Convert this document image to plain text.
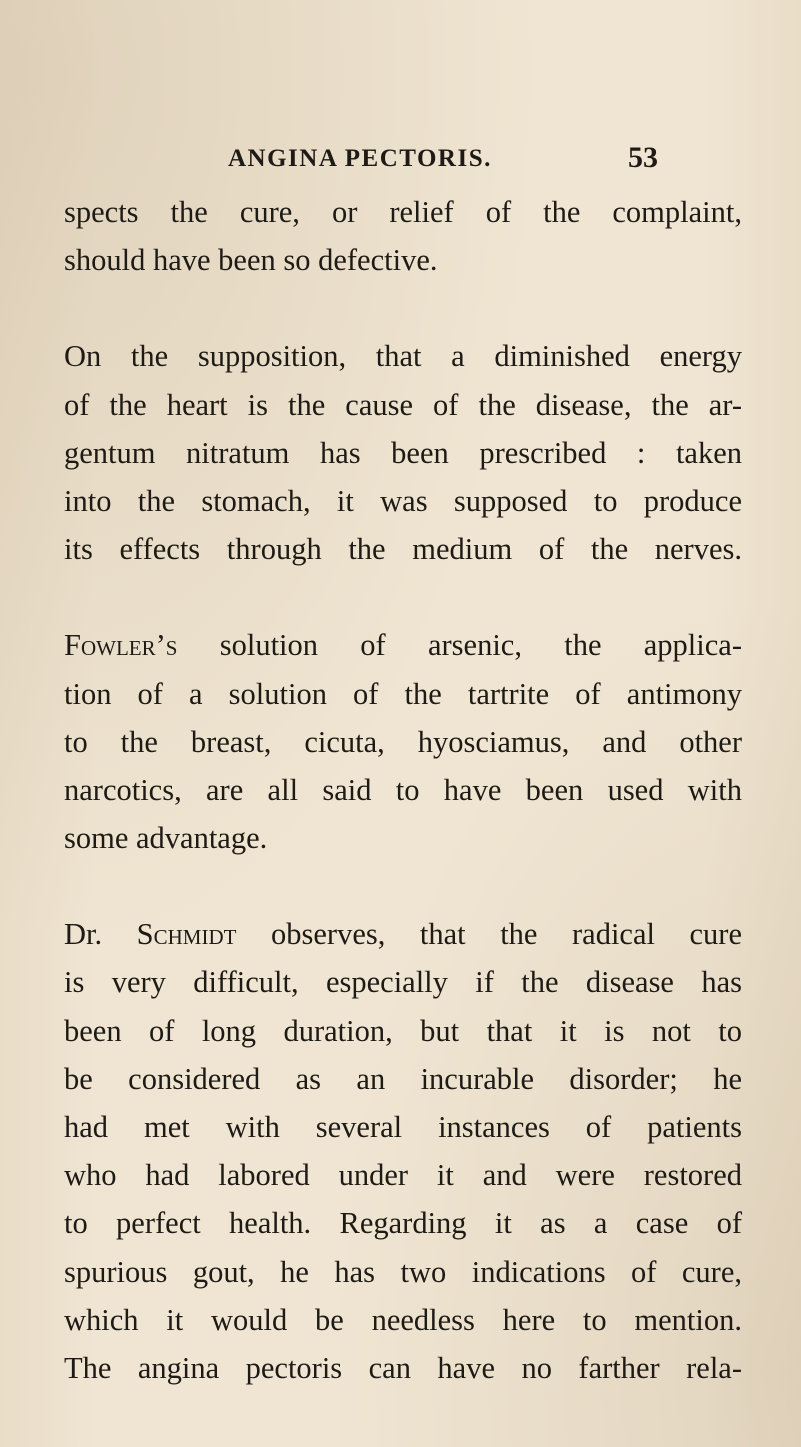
ANGINA PECTORIS.	53
spects the cure, or relief of the complaint,
should have been so defective.
On the supposition, that a diminished energy
of the heart is the cause of the disease, the ar-
gentum nitratum has been prescribed : taken
into the stomach, it was supposed to produce
its effects through the medium of the nerves.
Fowler’s solution of arsenic, the applica-
tion of a solution of the tartrite of antimony
to the breast, cicuta, hyosciamus, and other
narcotics, are all said to have been used with
some advantage.
Dr. Schmidt observes, that the radical cure
is very difficult, especially if the disease has
been of long duration, but that it is not to
be considered as an incurable disorder; he
had met with several instances of patients
who had labored under it and were restored
to perfect health. Regarding it as a case of
spurious gout, he has two indications of cure,
which it would be needless here to mention.
The angina pectoris can have no farther rela-
